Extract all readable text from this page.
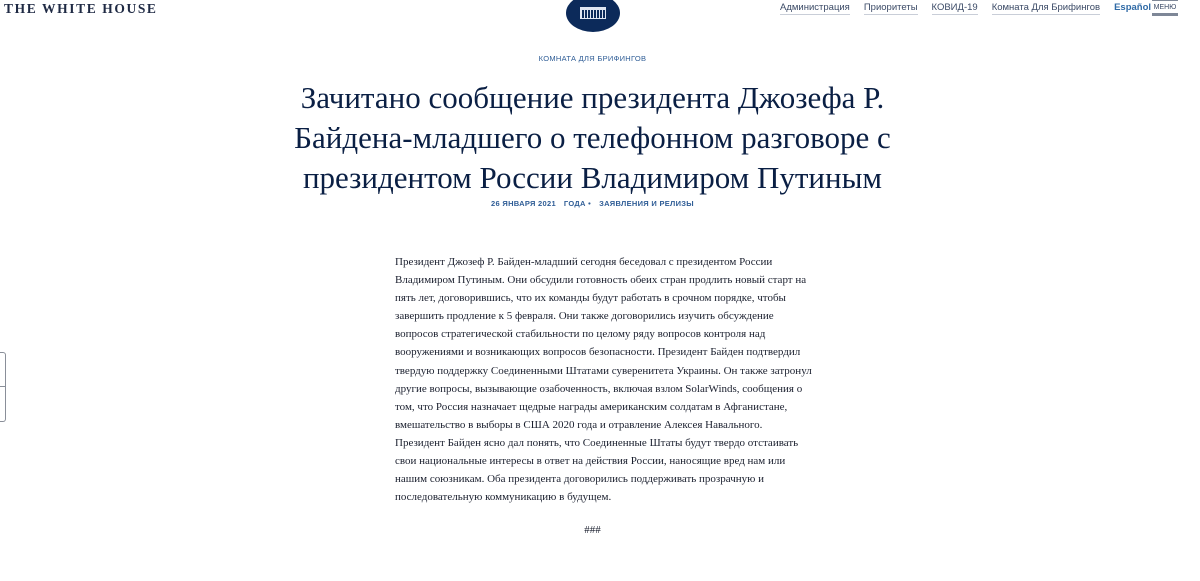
THE WHITE HOUSE	Администрация Приоритеты КОВИД-19 Комната Для Брифингов Español МЕНЮ
КОМНАТА ДЛЯ БРИФИНГОВ
Зачитано сообщение президента Джозефа Р. Байдена-младшего о телефонном разговоре с президентом России Владимиром Путиным
26 ЯНВАРЯ 2021 ГОДА • ЗАЯВЛЕНИЯ И РЕЛИЗЫ
Президент Джозеф Р. Байден-младший сегодня беседовал с президентом России
Владимиром Путиным. Они обсудили готовность обеих стран продлить новый старт на
пять лет, договорившись, что их команды будут работать в срочном порядке, чтобы
завершить продление к 5 февраля. Они также договорились изучить обсуждение
вопросов стратегической стабильности по целому ряду вопросов контроля над
вооружениями и возникающих вопросов безопасности. Президент Байден подтвердил
твердую поддержку Соединенными Штатами суверенитета Украины. Он также затронул
другие вопросы, вызывающие озабоченность, включая взлом SolarWinds, сообщения о
том, что Россия назначает щедрые награды американским солдатам в Афганистане,
вмешательство в выборы в США 2020 года и отравление Алексея Навального.
Президент Байден ясно дал понять, что Соединенные Штаты будут твердо отстаивать
свои национальные интересы в ответ на действия России, наносящие вред нам или
нашим союзникам. Оба президента договорились поддерживать прозрачную и
последовательную коммуникацию в будущем.
###
